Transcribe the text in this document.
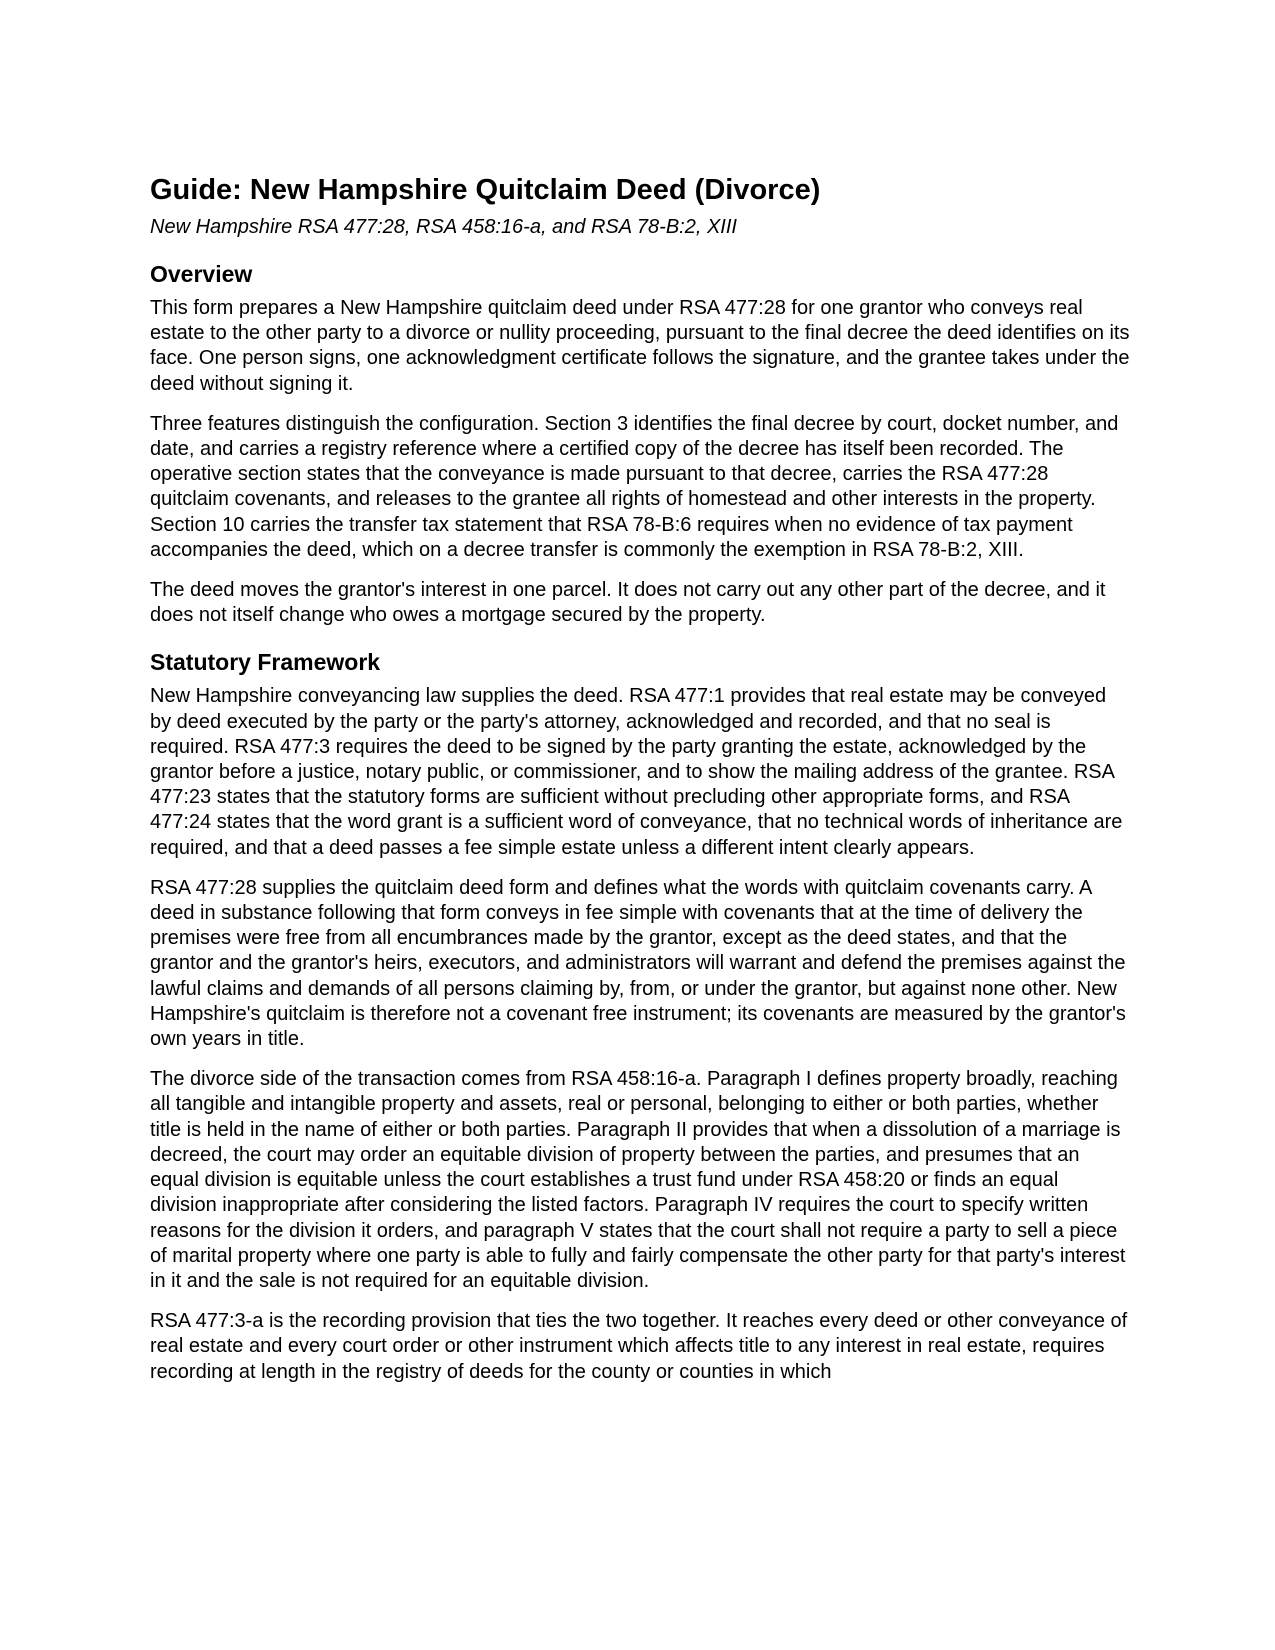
Guide: New Hampshire Quitclaim Deed (Divorce)
New Hampshire RSA 477:28, RSA 458:16-a, and RSA 78-B:2, XIII
Overview

This form prepares a New Hampshire quitclaim deed under RSA 477:28 for one grantor who conveys real estate to the other party to a divorce or nullity proceeding, pursuant to the final decree the deed identifies on its face. One person signs, one acknowledgment certificate follows the signature, and the grantee takes under the deed without signing it.

Three features distinguish the configuration. Section 3 identifies the final decree by court, docket number, and date, and carries a registry reference where a certified copy of the decree has itself been recorded. The operative section states that the conveyance is made pursuant to that decree, carries the RSA 477:28 quitclaim covenants, and releases to the grantee all rights of homestead and other interests in the property. Section 10 carries the transfer tax statement that RSA 78-B:6 requires when no evidence of tax payment accompanies the deed, which on a decree transfer is commonly the exemption in RSA 78-B:2, XIII.

The deed moves the grantor's interest in one parcel. It does not carry out any other part of the decree, and it does not itself change who owes a mortgage secured by the property.

Statutory Framework

New Hampshire conveyancing law supplies the deed. RSA 477:1 provides that real estate may be conveyed by deed executed by the party or the party's attorney, acknowledged and recorded, and that no seal is required. RSA 477:3 requires the deed to be signed by the party granting the estate, acknowledged by the grantor before a justice, notary public, or commissioner, and to show the mailing address of the grantee. RSA 477:23 states that the statutory forms are sufficient without precluding other appropriate forms, and RSA 477:24 states that the word grant is a sufficient word of conveyance, that no technical words of inheritance are required, and that a deed passes a fee simple estate unless a different intent clearly appears.

RSA 477:28 supplies the quitclaim deed form and defines what the words with quitclaim covenants carry. A deed in substance following that form conveys in fee simple with covenants that at the time of delivery the premises were free from all encumbrances made by the grantor, except as the deed states, and that the grantor and the grantor's heirs, executors, and administrators will warrant and defend the premises against the lawful claims and demands of all persons claiming by, from, or under the grantor, but against none other. New Hampshire's quitclaim is therefore not a covenant free instrument; its covenants are measured by the grantor's own years in title.

The divorce side of the transaction comes from RSA 458:16-a. Paragraph I defines property broadly, reaching all tangible and intangible property and assets, real or personal, belonging to either or both parties, whether title is held in the name of either or both parties. Paragraph II provides that when a dissolution of a marriage is decreed, the court may order an equitable division of property between the parties, and presumes that an equal division is equitable unless the court establishes a trust fund under RSA 458:20 or finds an equal division inappropriate after considering the listed factors. Paragraph IV requires the court to specify written reasons for the division it orders, and paragraph V states that the court shall not require a party to sell a piece of marital property where one party is able to fully and fairly compensate the other party for that party's interest in it and the sale is not required for an equitable division.

RSA 477:3-a is the recording provision that ties the two together. It reaches every deed or other conveyance of real estate and every court order or other instrument which affects title to any interest in real estate, requires recording at length in the registry of deeds for the county or counties in which
